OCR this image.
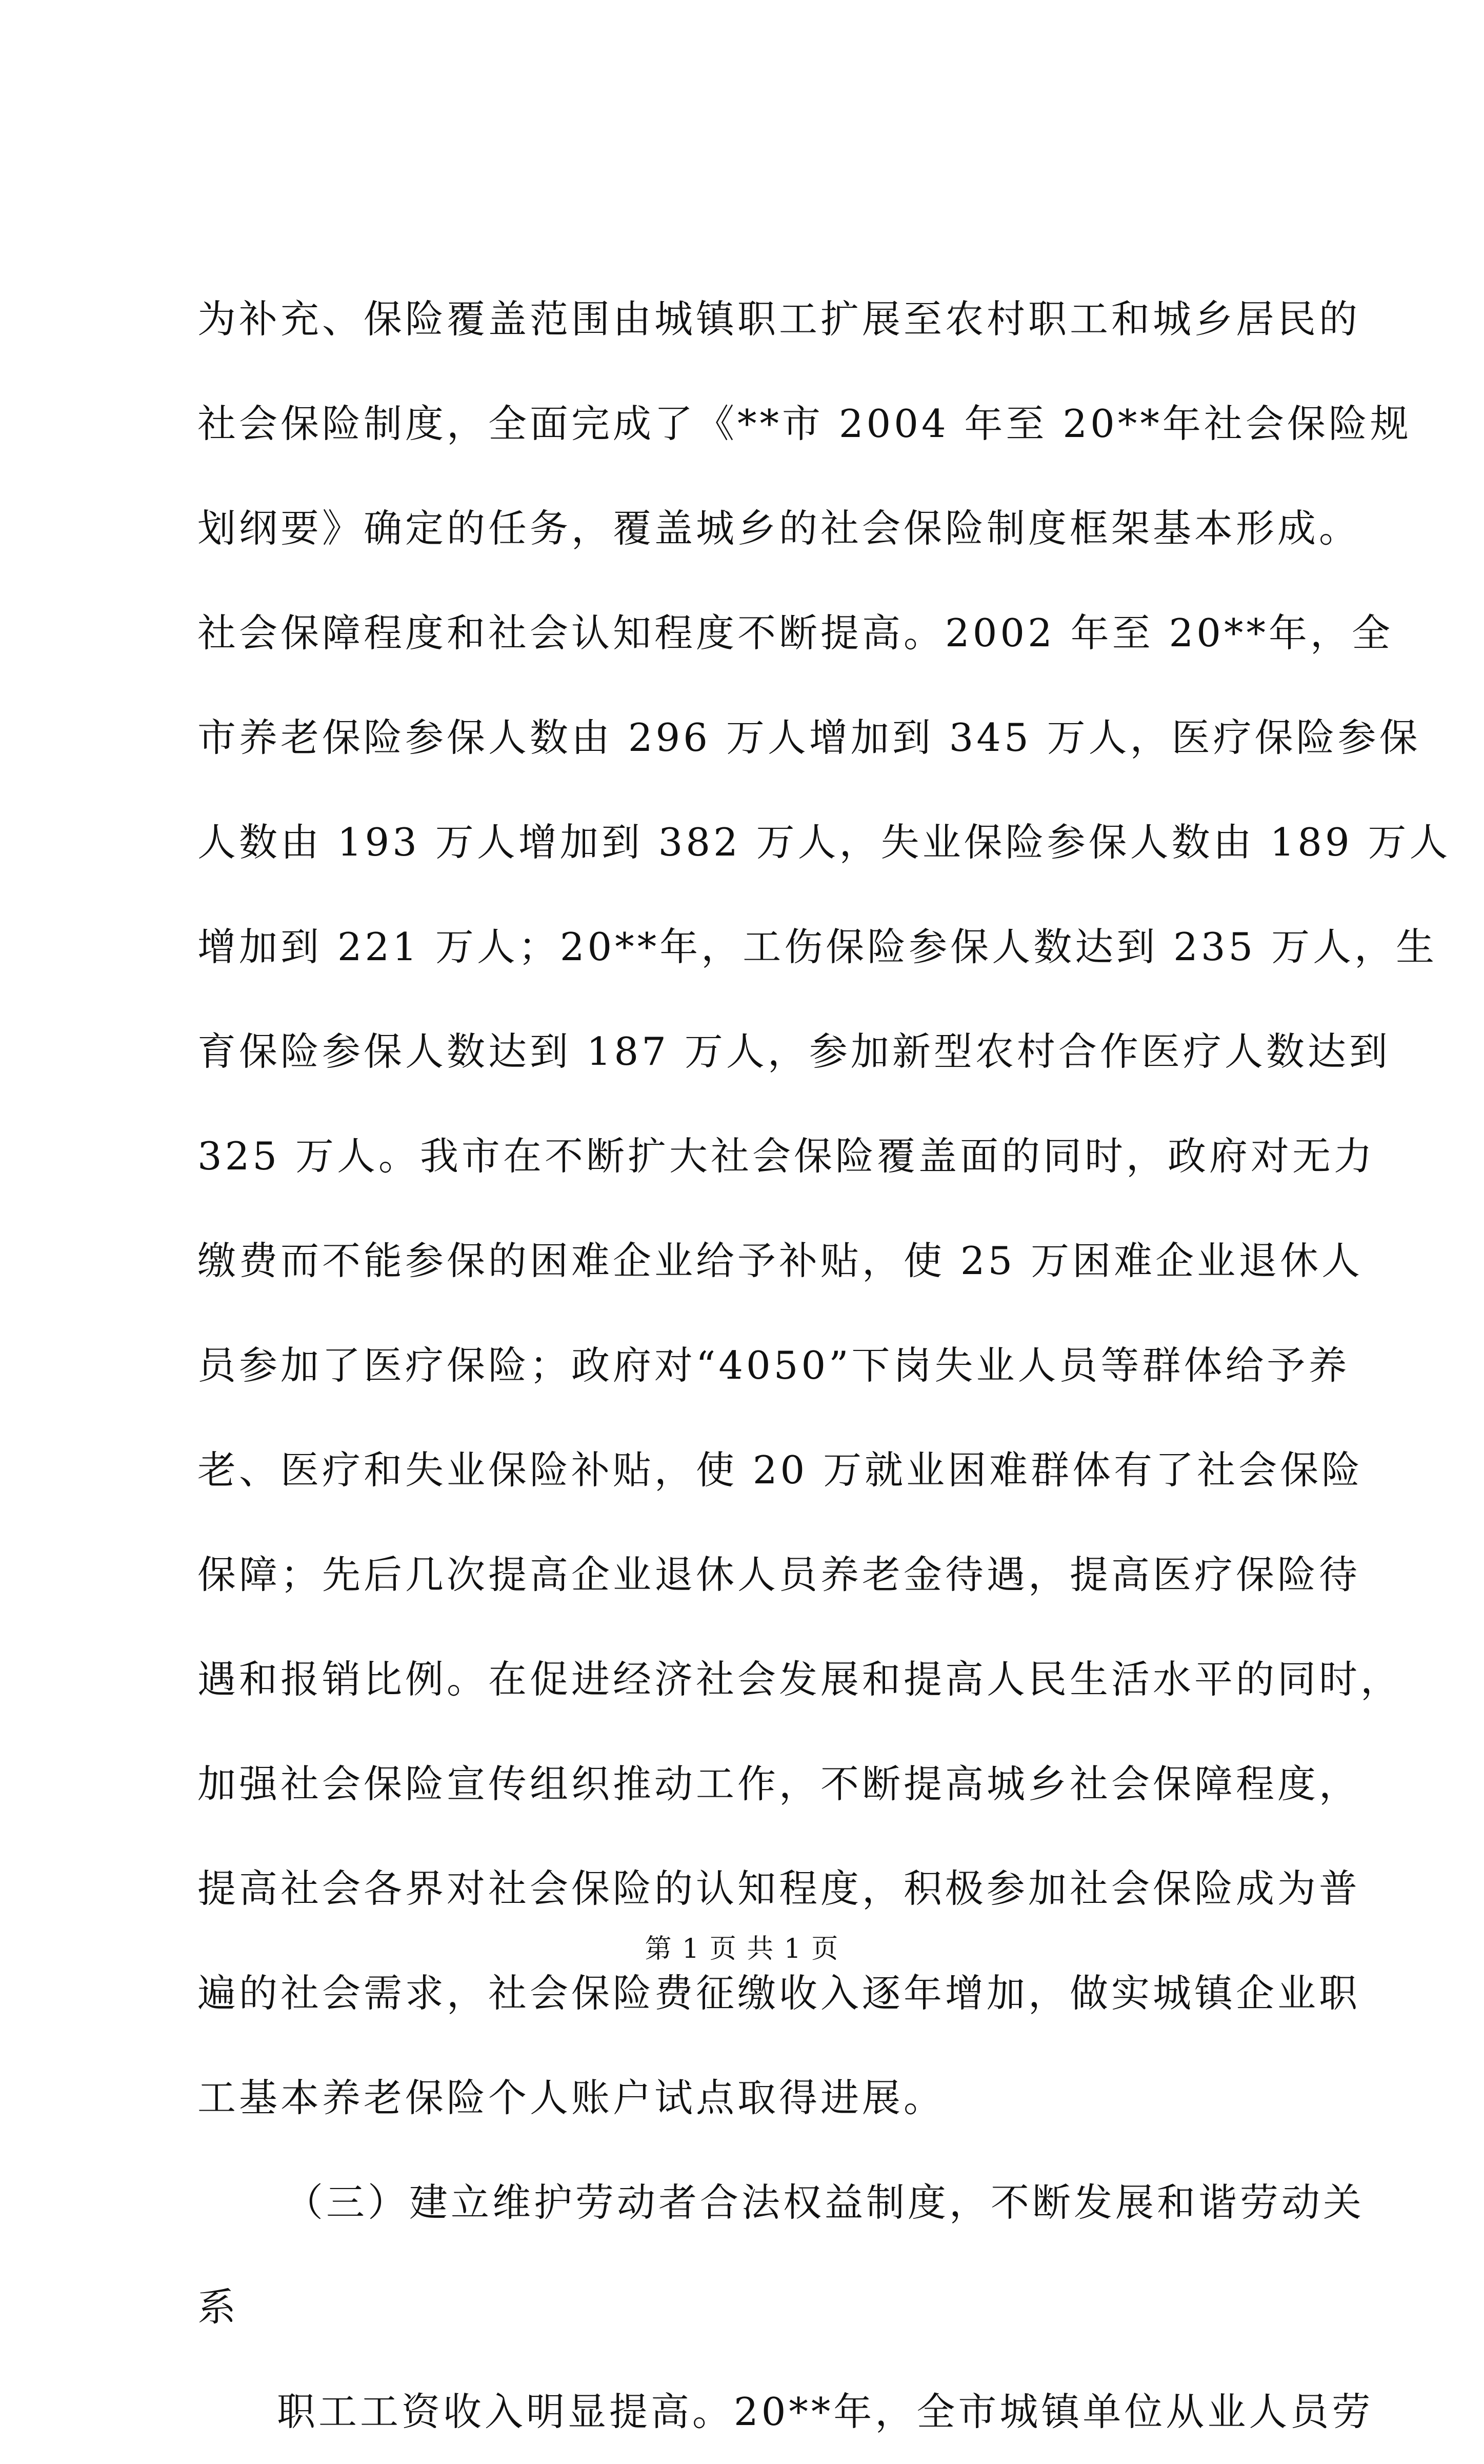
为补充、保险覆盖范围由城镇职工扩展至农村职工和城乡居民的
社会保险制度，全面完成了《**市 2004 年至 20**年社会保险规
划纲要》确定的任务，覆盖城乡的社会保险制度框架基本形成。
社会保障程度和社会认知程度不断提高。2002 年至 20**年，全
市养老保险参保人数由 296 万人增加到 345 万人，医疗保险参保
人数由 193 万人增加到 382 万人，失业保险参保人数由 189 万人
增加到 221 万人；20**年，工伤保险参保人数达到 235 万人，生
育保险参保人数达到 187 万人，参加新型农村合作医疗人数达到
325 万人。我市在不断扩大社会保险覆盖面的同时，政府对无力
缴费而不能参保的困难企业给予补贴，使 25 万困难企业退休人
员参加了医疗保险；政府对“4050”下岗失业人员等群体给予养
老、医疗和失业保险补贴，使 20 万就业困难群体有了社会保险
保障；先后几次提高企业退休人员养老金待遇，提高医疗保险待
遇和报销比例。在促进经济社会发展和提高人民生活水平的同时，
加强社会保险宣传组织推动工作，不断提高城乡社会保障程度，
提高社会各界对社会保险的认知程度，积极参加社会保险成为普
遍的社会需求，社会保险费征缴收入逐年增加，做实城镇企业职
工基本养老保险个人账户试点取得进展。
（三）建立维护劳动者合法权益制度，不断发展和谐劳动关
系
职工工资收入明显提高。20**年，全市城镇单位从业人员劳
第 1 页 共 1 页
